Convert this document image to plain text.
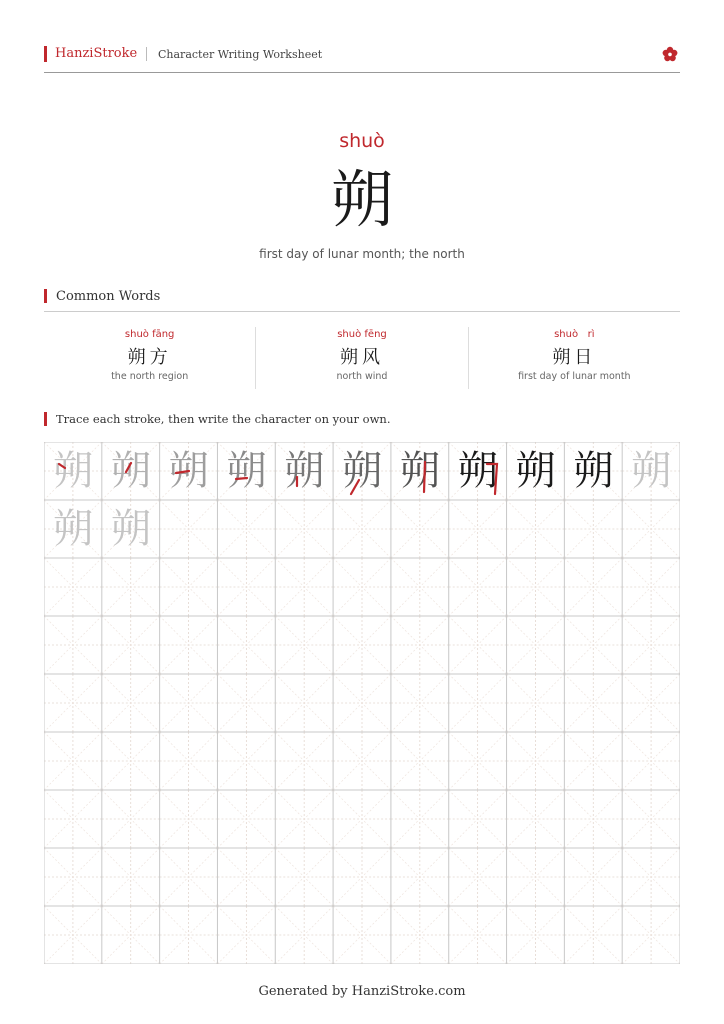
HanziStroke Character Writing Worksheet
shuò
朔
first day of lunar month; the north
Common Words
shuò fāng
朔方
the north region
shuò fēng
朔风
north wind
shuò   rì
朔日
first day of lunar month
Trace each stroke, then write the character on your own.
朔 朔 朔 朔 朔 朔 朔 朔 朔 朔 朔
朔 朔
Generated by HanziStroke.com
